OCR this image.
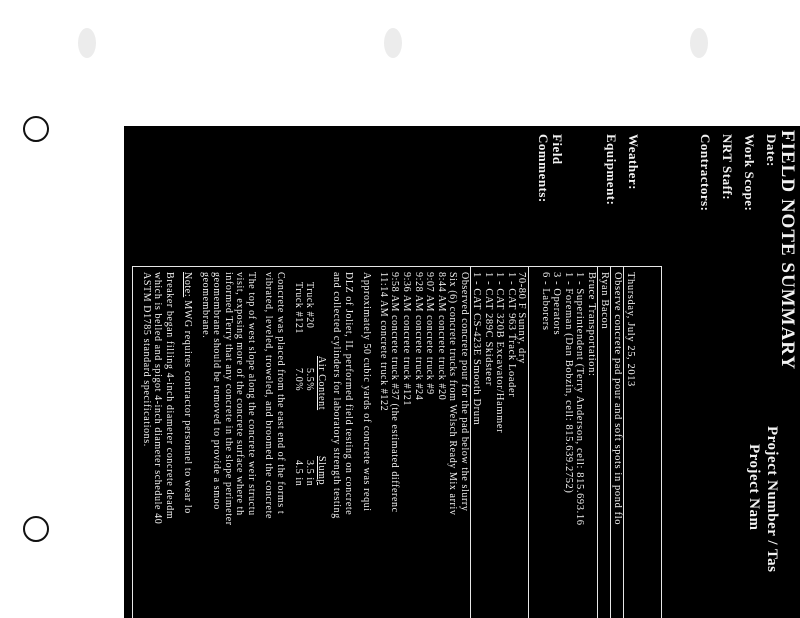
FIELD NOTE SUMMARY
Project Number / Tas
Project Nam
Date:
Work Scope:
NRT Staff:
Contractors:
Weather:
Equipment:
Field
Comments:
Thursday, July 25, 2013
Observe concrete pad pour and soft spots in pond flo
Ryan Bacon
Bruce Transportation:
1 - Superintendent (Terry Anderson, cell: 815.693.16
1 - Foreman (Dan Bobzin, cell: 815.639.2752)
3 - Operators
6 - Laborers
70-80 F Sunny, dry
1 - CAT 963 Track Loader
1 - CAT 320B Excavator/Hammer
1 - CAT 289C Skidsteer
1 - CAT CS-423E Smooth Drum
Observed concrete pour for the pad below the slurry
Six (6) concrete trucks from Welsch Ready Mix arriv
8:44 AM concrete truck #20
9:07 AM concrete truck #9
9:28 AM concrete truck #24
9:36 AM concrete truck #121
9:58 AM concrete truck #37 (the estimated differenc
11:14 AM concrete truck #122
Approximately 50 cubic yards of concrete was requi
DLZ of Joliet, IL performed field testing on concrete
and collected cylinders for laboratory strength testing
Air Content
Slump
Truck #20
5.5%
3.5 in
Truck #121
7.0%
4.5 in
Concrete was placed from the east end of the forms t
vibrated, leveled, troweled, and broomed the concrete
The top of west slope along the concrete weir structu
visit, exposing more of the concrete surface where th
informed Terry that any concrete in the slope perimeter
geomembrane should be removed to provide a smoo
geomembrane.
Note: MWG requires contractor personnel to wear lo
Breaker began filling 4-inch diameter concrete deadm
which is belled and spigot 4-inch diameter schedule 40
ASTM D1785 standard specifications.
